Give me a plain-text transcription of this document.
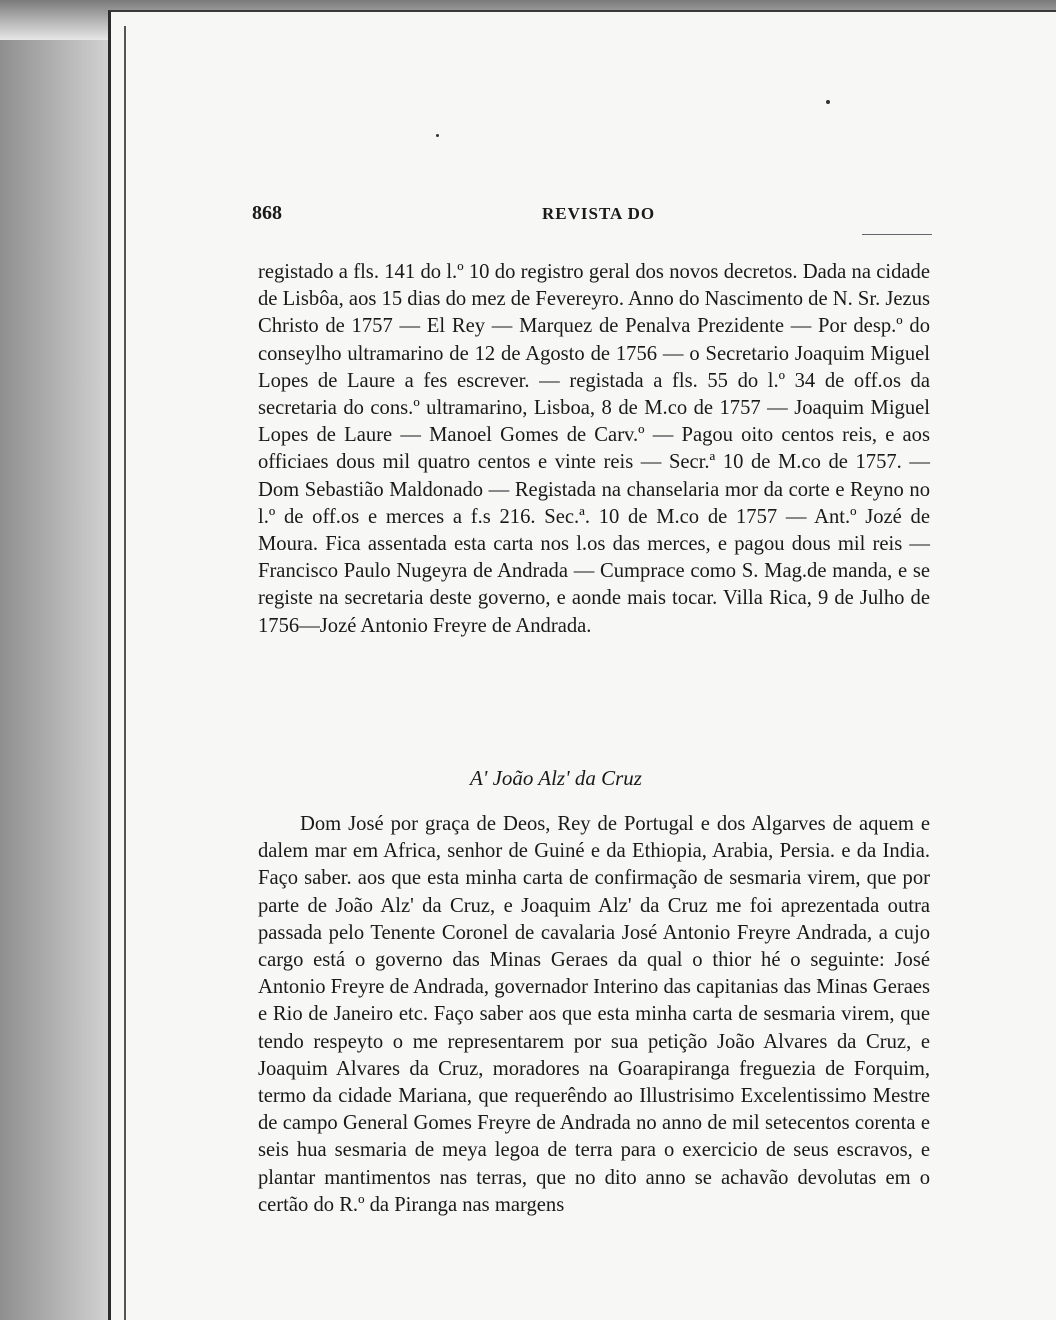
868	REVISTA DO

registado a fls. 141 do l.º 10 do registro geral dos novos decretos. Dada na cidade de Lisbôa, aos 15 dias do mez de Fevereyro. Anno do Nascimento de N. Sr. Jezus Christo de 1757 — El Rey — Marquez de Penalva Prezidente — Por desp.º do conseylho ultramarino de 12 de Agosto de 1756 — o Secretario Joaquim Miguel Lopes de Laure a fes escrever. — registada a fls. 55 do l.º 34 de off.os da secretaria do cons.º ultramarino, Lisboa, 8 de M.co de 1757 — Joaquim Miguel Lopes de Laure — Manoel Gomes de Carv.º — Pagou oito centos reis, e aos officiaes dous mil quatro centos e vinte reis — Secr.ª 10 de M.co de 1757. — Dom Sebastião Maldonado — Registada na chanselaria mor da corte e Reyno no l.º de off.os e merces a f.s 216. Sec.ª. 10 de M.co de 1757 — Ant.º Jozé de Moura. Fica assentada esta carta nos l.os das merces, e pagou dous mil reis — Francisco Paulo Nugeyra de Andrada — Cumprace como S. Mag.de manda, e se registe na secretaria deste governo, e aonde mais tocar. Villa Rica, 9 de Julho de 1756—Jozé Antonio Freyre de Andrada.

A' João Alz' da Cruz

Dom José por graça de Deos, Rey de Portugal e dos Algarves de aquem e dalem mar em Africa, senhor de Guiné e da Ethiopia, Arabia, Persia. e da India. Faço saber. aos que esta minha carta de confirmação de sesmaria virem, que por parte de João Alz' da Cruz, e Joaquim Alz' da Cruz me foi aprezentada outra passada pelo Tenente Coronel de cavalaria José Antonio Freyre Andrada, a cujo cargo está o governo das Minas Geraes da qual o thior hé o seguinte: José Antonio Freyre de Andrada, governador Interino das capitanias das Minas Geraes e Rio de Janeiro etc. Faço saber aos que esta minha carta de sesmaria virem, que tendo respeyto o me representarem por sua petição João Alvares da Cruz, e Joaquim Alvares da Cruz, moradores na Goarapiranga freguezia de Forquim, termo da cidade Mariana, que requerêndo ao Illustrisimo Excelentissimo Mestre de campo General Gomes Freyre de Andrada no anno de mil setecentos corenta e seis hua sesmaria de meya legoa de terra para o exercicio de seus escravos, e plantar mantimentos nas terras, que no dito anno se achavão devolutas em o certão do R.º da Piranga nas margens
